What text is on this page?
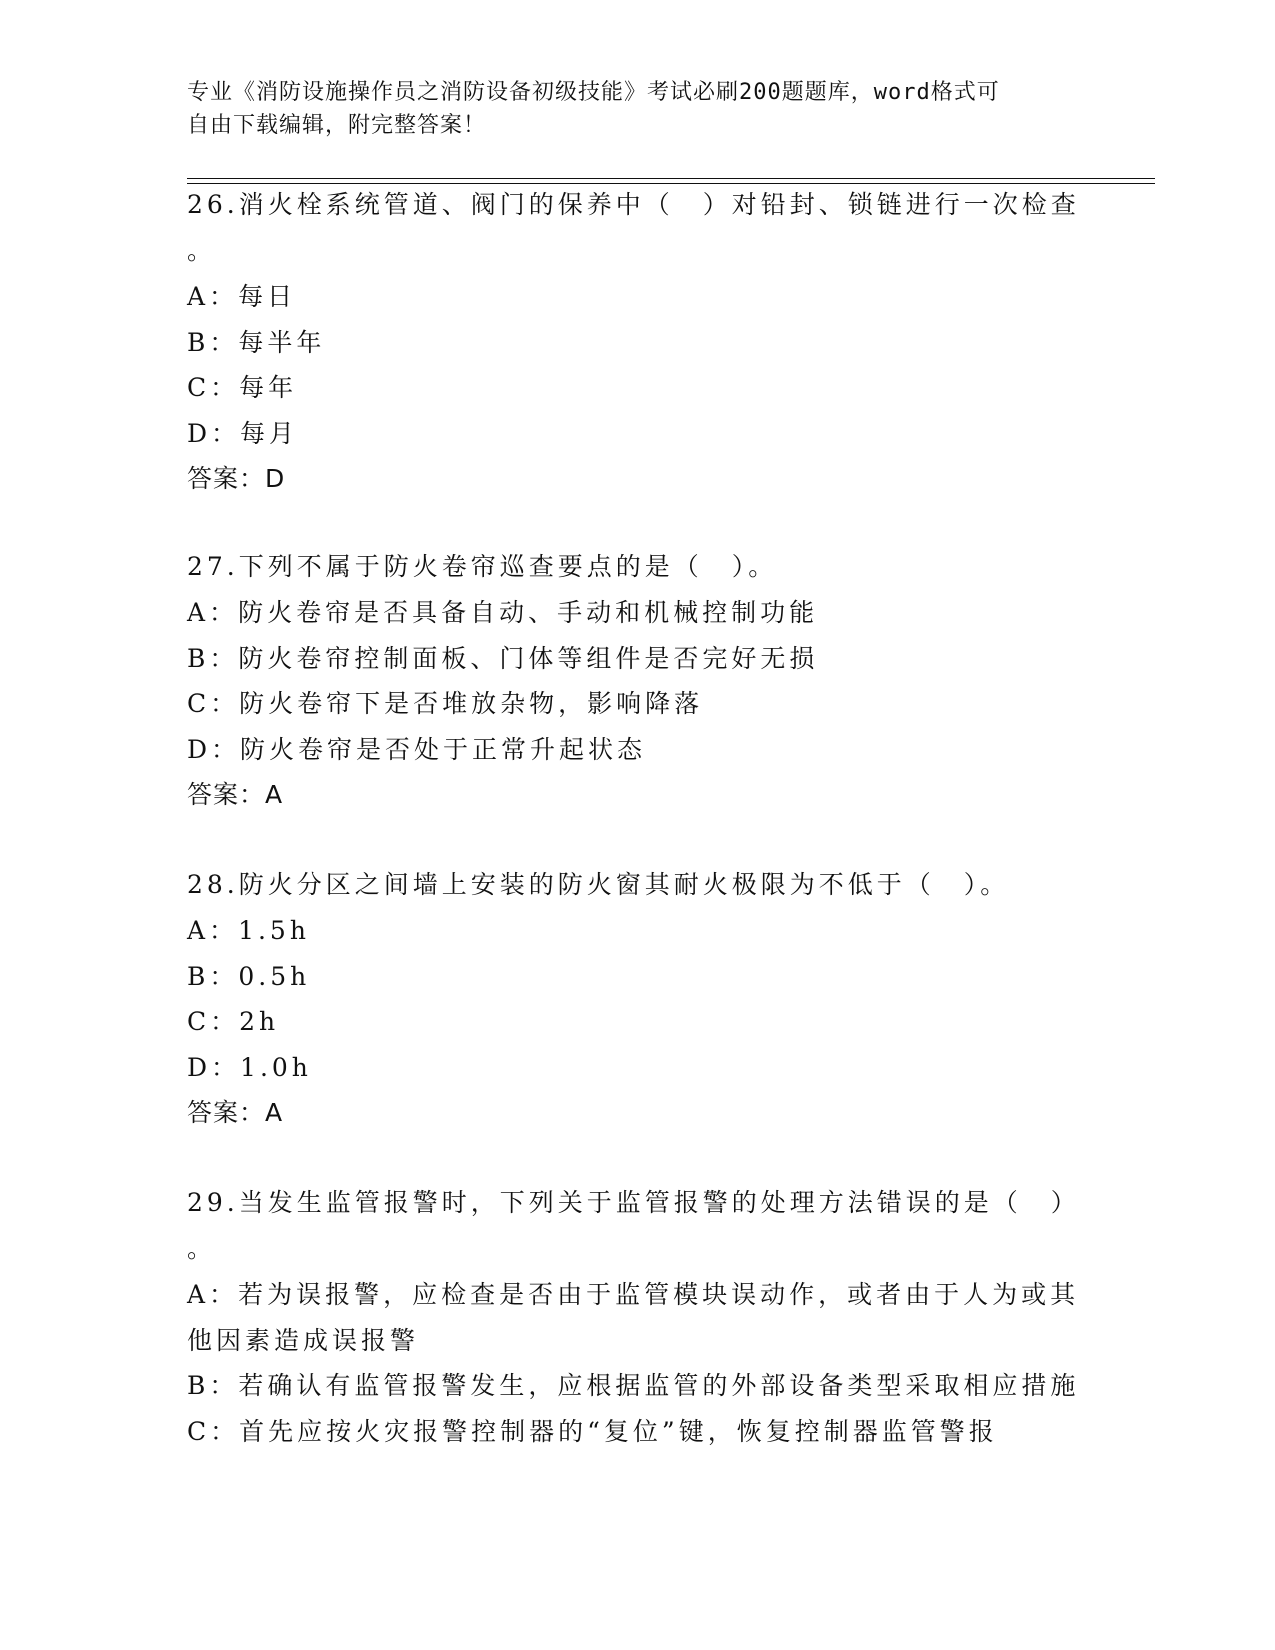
专业《消防设施操作员之消防设备初级技能》考试必刷200题题库，word格式可
自由下载编辑，附完整答案！
26.消火栓系统管道、阀门的保养中（　）对铅封、锁链进行一次检查
。
A：每日
B：每半年
C：每年
D：每月
答案：D
27.下列不属于防火卷帘巡查要点的是（　）。
A：防火卷帘是否具备自动、手动和机械控制功能
B：防火卷帘控制面板、门体等组件是否完好无损
C：防火卷帘下是否堆放杂物，影响降落
D：防火卷帘是否处于正常升起状态
答案：A
28.防火分区之间墙上安装的防火窗其耐火极限为不低于（　）。
A：1.5h
B：0.5h
C：2h
D：1.0h
答案：A
29.当发生监管报警时，下列关于监管报警的处理方法错误的是（　）
。
A：若为误报警，应检查是否由于监管模块误动作，或者由于人为或其
他因素造成误报警
B：若确认有监管报警发生，应根据监管的外部设备类型采取相应措施
C：首先应按火灾报警控制器的“复位”键，恢复控制器监管警报
